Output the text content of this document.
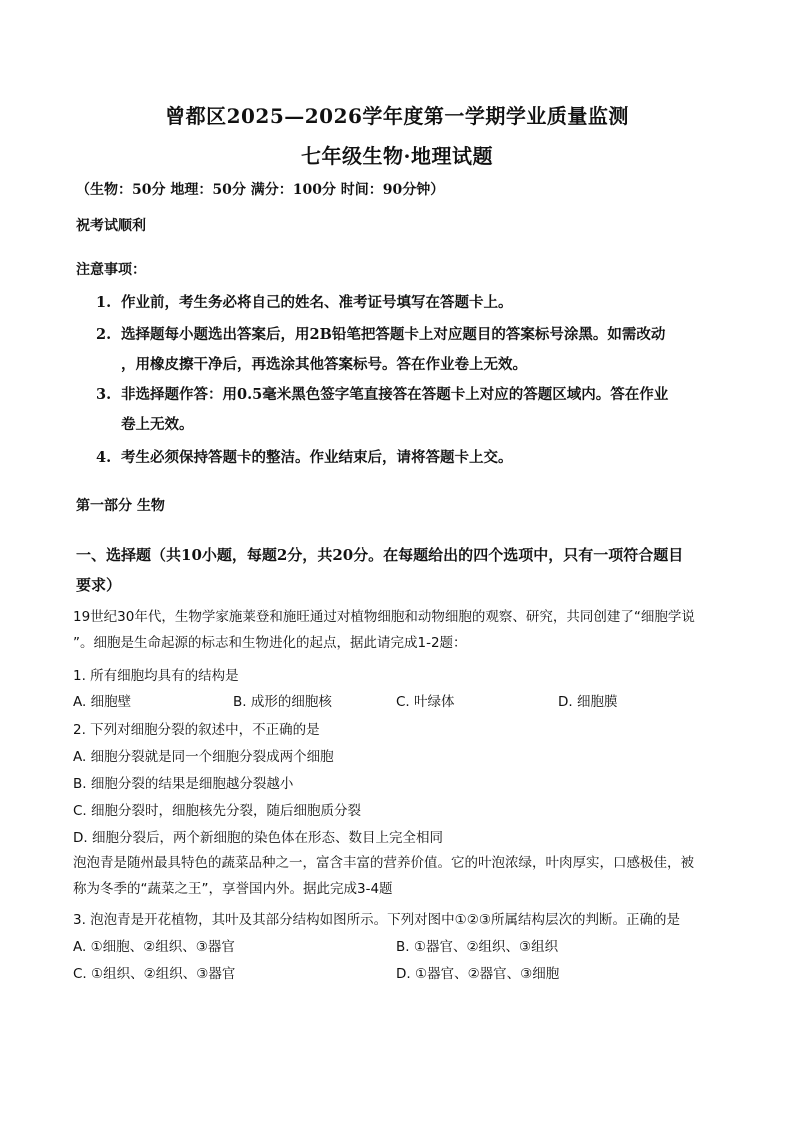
曾都区2025—2026学年度第一学期学业质量监测
七年级生物·地理试题
（生物：50分 地理：50分 满分：100分 时间：90分钟）
祝考试顺利
注意事项：
1. 作业前，考生务必将自己的姓名、准考证号填写在答题卡上。
2. 选择题每小题选出答案后，用2B铅笔把答题卡上对应题目的答案标号涂黑。如需改动
，用橡皮擦干净后，再选涂其他答案标号。答在作业卷上无效。
3. 非选择题作答：用0.5毫米黑色签字笔直接答在答题卡上对应的答题区域内。答在作业
卷上无效。
4. 考生必须保持答题卡的整洁。作业结束后，请将答题卡上交。
第一部分 生物
一、选择题（共10小题，每题2分，共20分。在每题给出的四个选项中，只有一项符合题目
要求）
19世纪30年代，生物学家施莱登和施旺通过对植物细胞和动物细胞的观察、研究，共同创建了“细胞学说
”。细胞是生命起源的标志和生物进化的起点，据此请完成1-2题：
1. 所有细胞均具有的结构是
A. 细胞壁	B. 成形的细胞核	C. 叶绿体	D. 细胞膜
2. 下列对细胞分裂的叙述中，不正确的是
A. 细胞分裂就是同一个细胞分裂成两个细胞
B. 细胞分裂的结果是细胞越分裂越小
C. 细胞分裂时，细胞核先分裂，随后细胞质分裂
D. 细胞分裂后，两个新细胞的染色体在形态、数目上完全相同
泡泡青是随州最具特色的蔬菜品种之一，富含丰富的营养价值。它的叶泡浓绿，叶肉厚实，口感极佳，被
称为冬季的“蔬菜之王”，享誉国内外。据此完成3-4题
3. 泡泡青是开花植物，其叶及其部分结构如图所示。下列对图中①②③所属结构层次的判断。正确的是
A. ①细胞、②组织、③器官	B. ①器官、②组织、③组织
C. ①组织、②组织、③器官	D. ①器官、②器官、③细胞
